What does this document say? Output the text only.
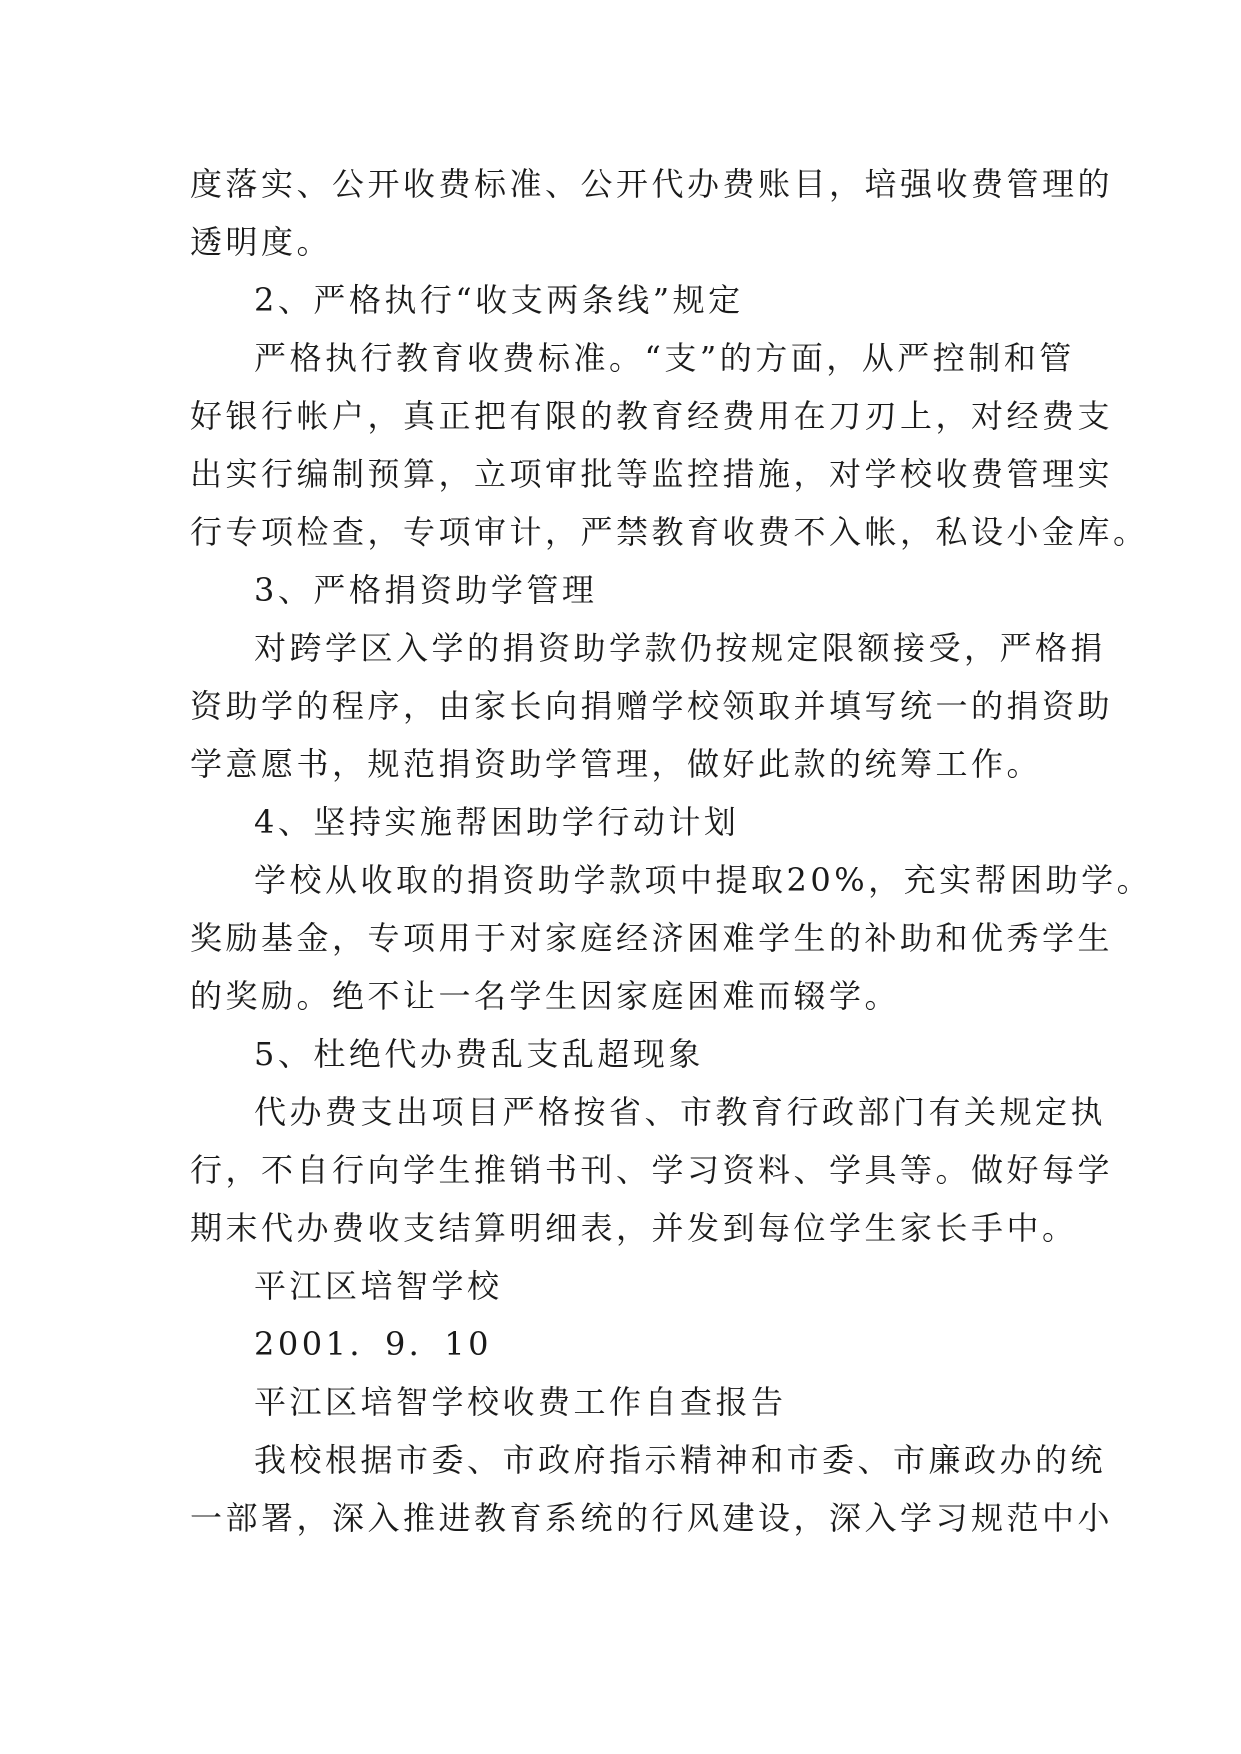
度落实、公开收费标准、公开代办费账目，培强收费管理的
透明度。
2、严格执行“收支两条线”规定
严格执行教育收费标准。“支”的方面，从严控制和管
好银行帐户，真正把有限的教育经费用在刀刃上，对经费支
出实行编制预算，立项审批等监控措施，对学校收费管理实
行专项检查，专项审计，严禁教育收费不入帐，私设小金库。
3、严格捐资助学管理
对跨学区入学的捐资助学款仍按规定限额接受，严格捐
资助学的程序，由家长向捐赠学校领取并填写统一的捐资助
学意愿书，规范捐资助学管理，做好此款的统筹工作。
4、坚持实施帮困助学行动计划
学校从收取的捐资助学款项中提取20%，充实帮困助学。
奖励基金，专项用于对家庭经济困难学生的补助和优秀学生
的奖励。绝不让一名学生因家庭困难而辍学。
5、杜绝代办费乱支乱超现象
代办费支出项目严格按省、市教育行政部门有关规定执
行，不自行向学生推销书刊、学习资料、学具等。做好每学
期末代办费收支结算明细表，并发到每位学生家长手中。
平江区培智学校
2001．9．10
平江区培智学校收费工作自查报告
我校根据市委、市政府指示精神和市委、市廉政办的统
一部署，深入推进教育系统的行风建设，深入学习规范中小
